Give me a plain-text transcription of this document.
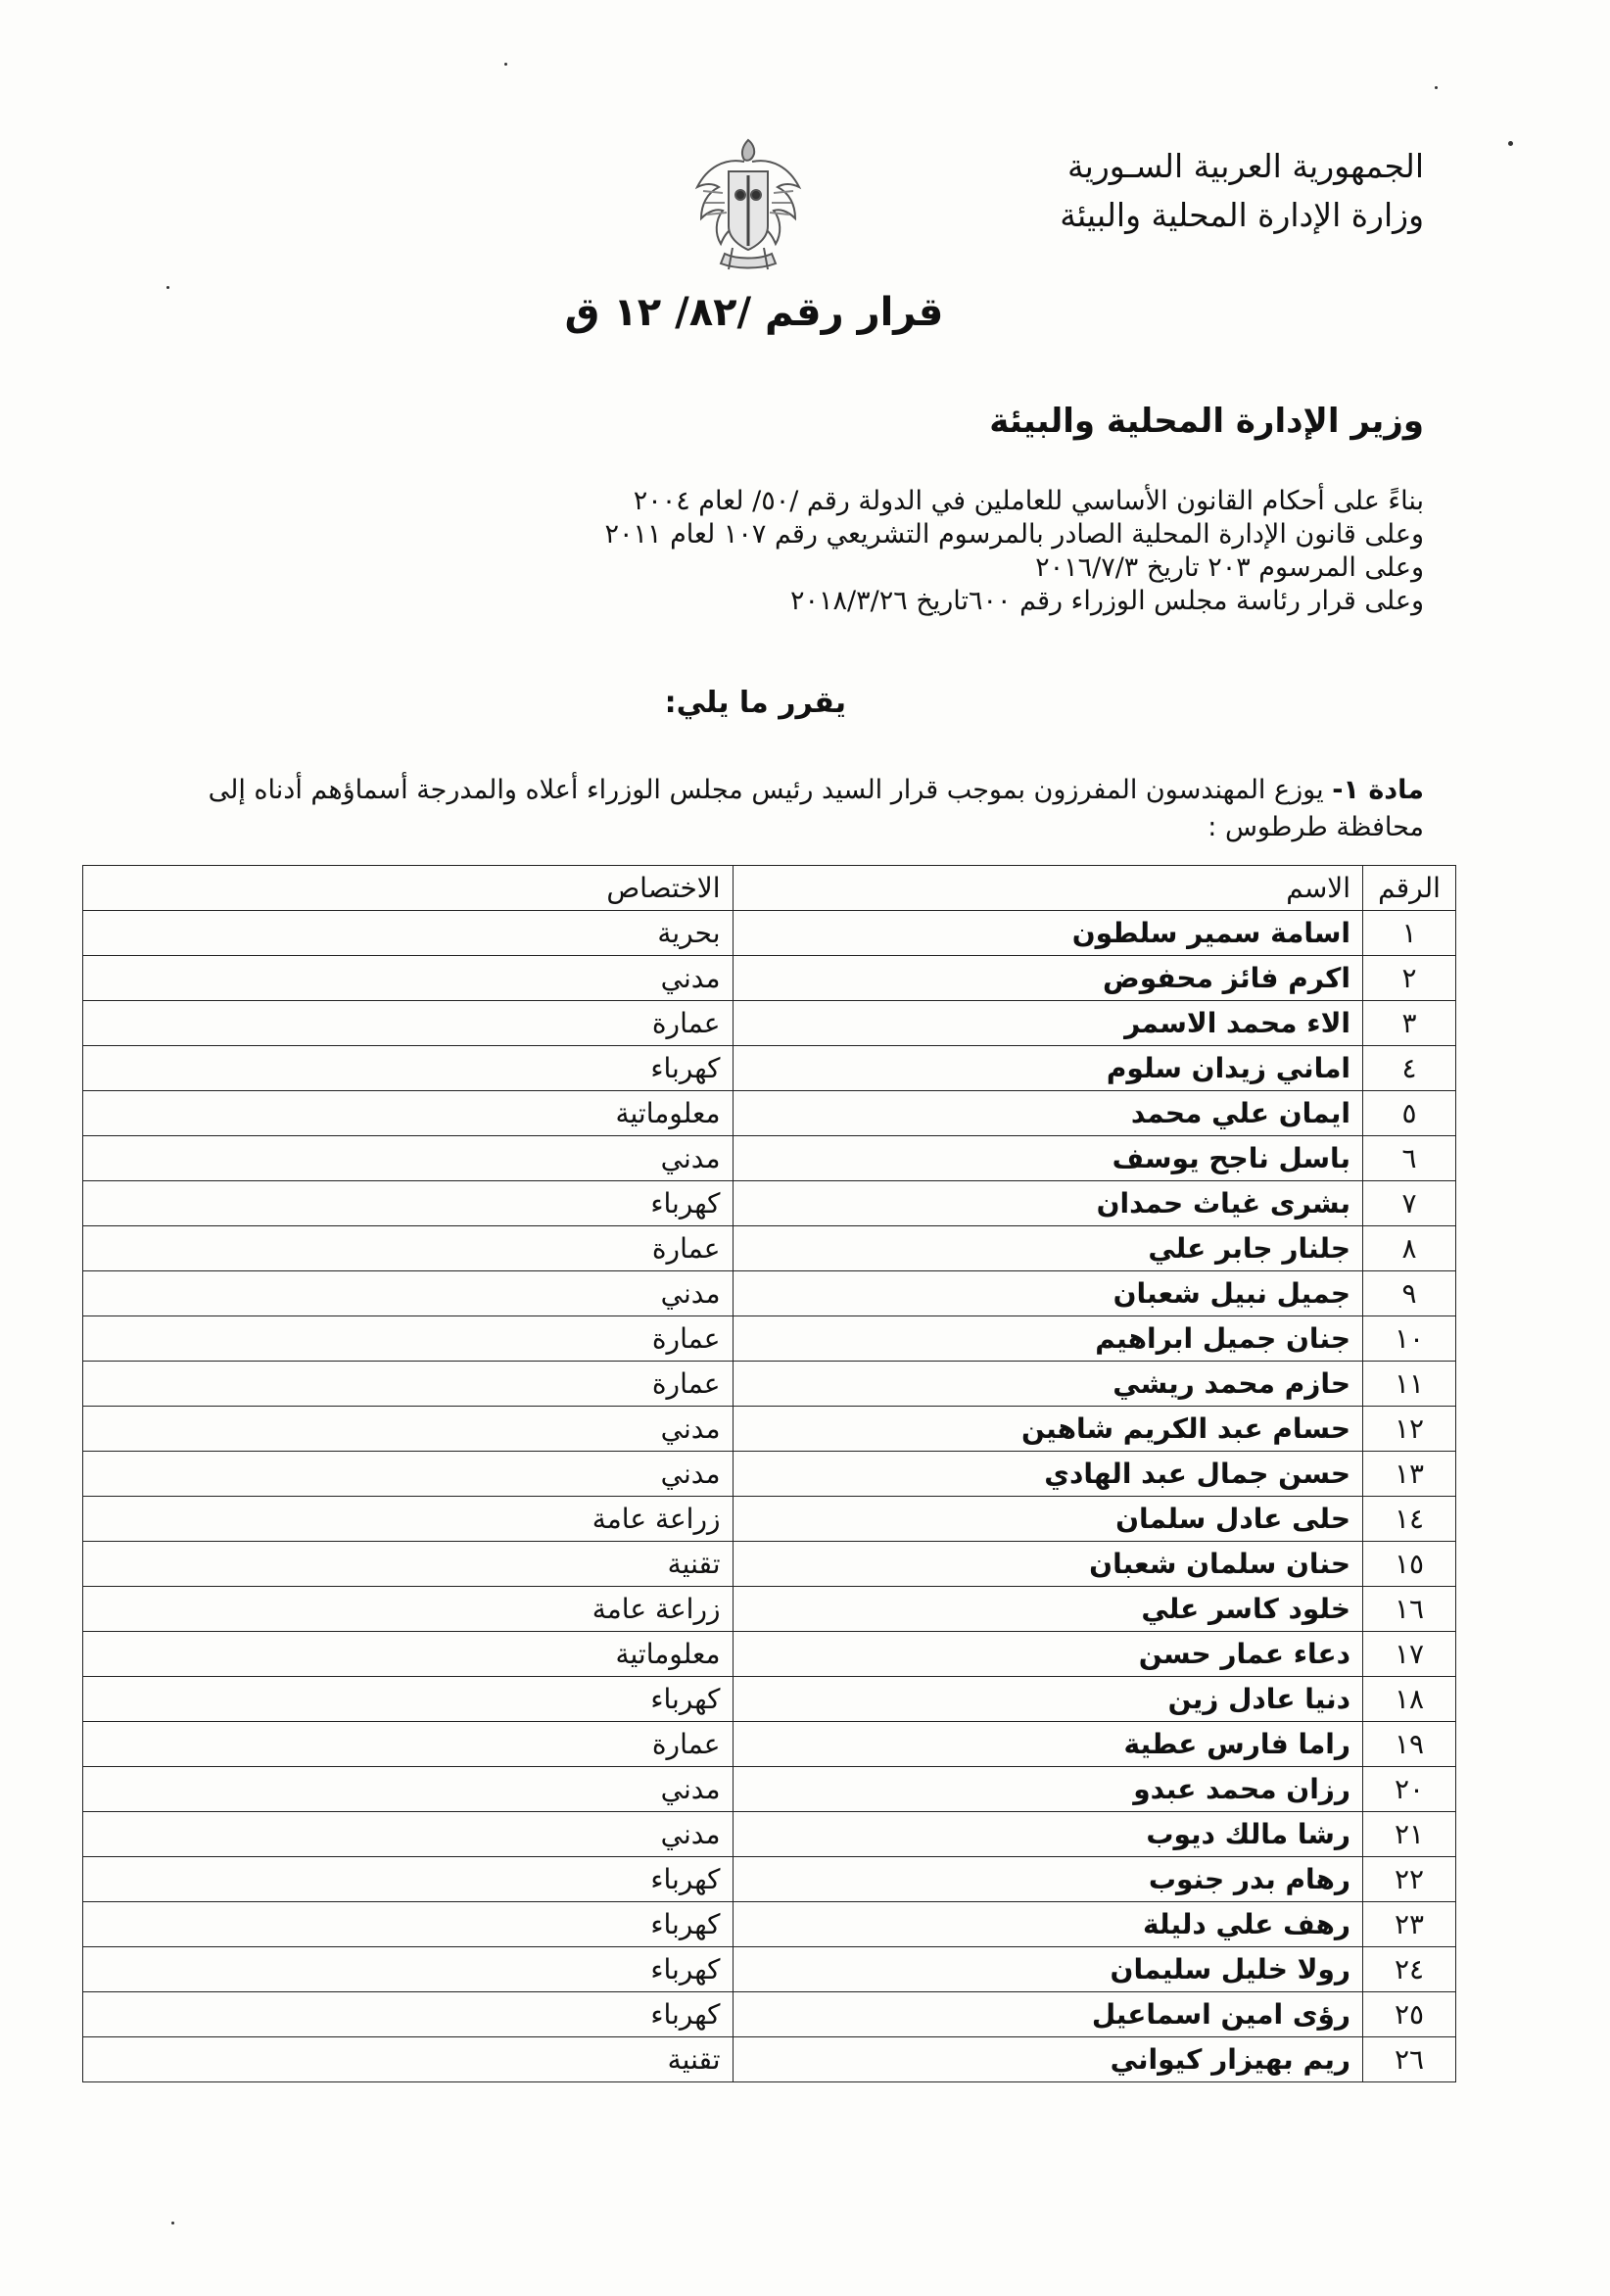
الجمهورية العربية السـورية
وزارة الإدارة المحلية والبيئة
قرار رقم /٨٢/ ١٢ ق
وزير الإدارة المحلية والبيئة
بناءً على أحكام القانون الأساسي للعاملين في الدولة رقم /٥٠/ لعام ٢٠٠٤
وعلى قانون الإدارة المحلية الصادر بالمرسوم التشريعي رقم ١٠٧ لعام ٢٠١١
وعلى المرسوم ٢٠٣ تاريخ ٢٠١٦/٧/٣
وعلى قرار رئاسة مجلس الوزراء رقم ٦٠٠تاريخ ٢٠١٨/٣/٢٦
يقرر ما يلي:
مادة ١- يوزع المهندسون المفرزون بموجب قرار السيد رئيس مجلس الوزراء أعلاه والمدرجة أسماؤهم أدناه إلى محافظة طرطوس :
الرقم	الاسم	الاختصاص
١	اسامة سمير سلطون	بحرية
٢	اكرم فائز محفوض	مدني
٣	الاء محمد الاسمر	عمارة
٤	اماني زيدان سلوم	كهرباء
٥	ايمان علي محمد	معلوماتية
٦	باسل ناجح يوسف	مدني
٧	بشرى غياث حمدان	كهرباء
٨	جلنار جابر علي	عمارة
٩	جميل نبيل شعبان	مدني
١٠	جنان جميل ابراهيم	عمارة
١١	حازم محمد ريشي	عمارة
١٢	حسام عبد الكريم شاهين	مدني
١٣	حسن جمال عبد الهادي	مدني
١٤	حلى عادل سلمان	زراعة عامة
١٥	حنان سلمان شعبان	تقنية
١٦	خلود كاسر علي	زراعة عامة
١٧	دعاء عمار حسن	معلوماتية
١٨	دنيا عادل زين	كهرباء
١٩	راما فارس عطية	عمارة
٢٠	رزان محمد عبدو	مدني
٢١	رشا مالك ديوب	مدني
٢٢	رهام بدر جنوب	كهرباء
٢٣	رهف علي دليلة	كهرباء
٢٤	رولا خليل سليمان	كهرباء
٢٥	رؤى امين اسماعيل	كهرباء
٢٦	ريم بهيزار كيواني	تقنية
